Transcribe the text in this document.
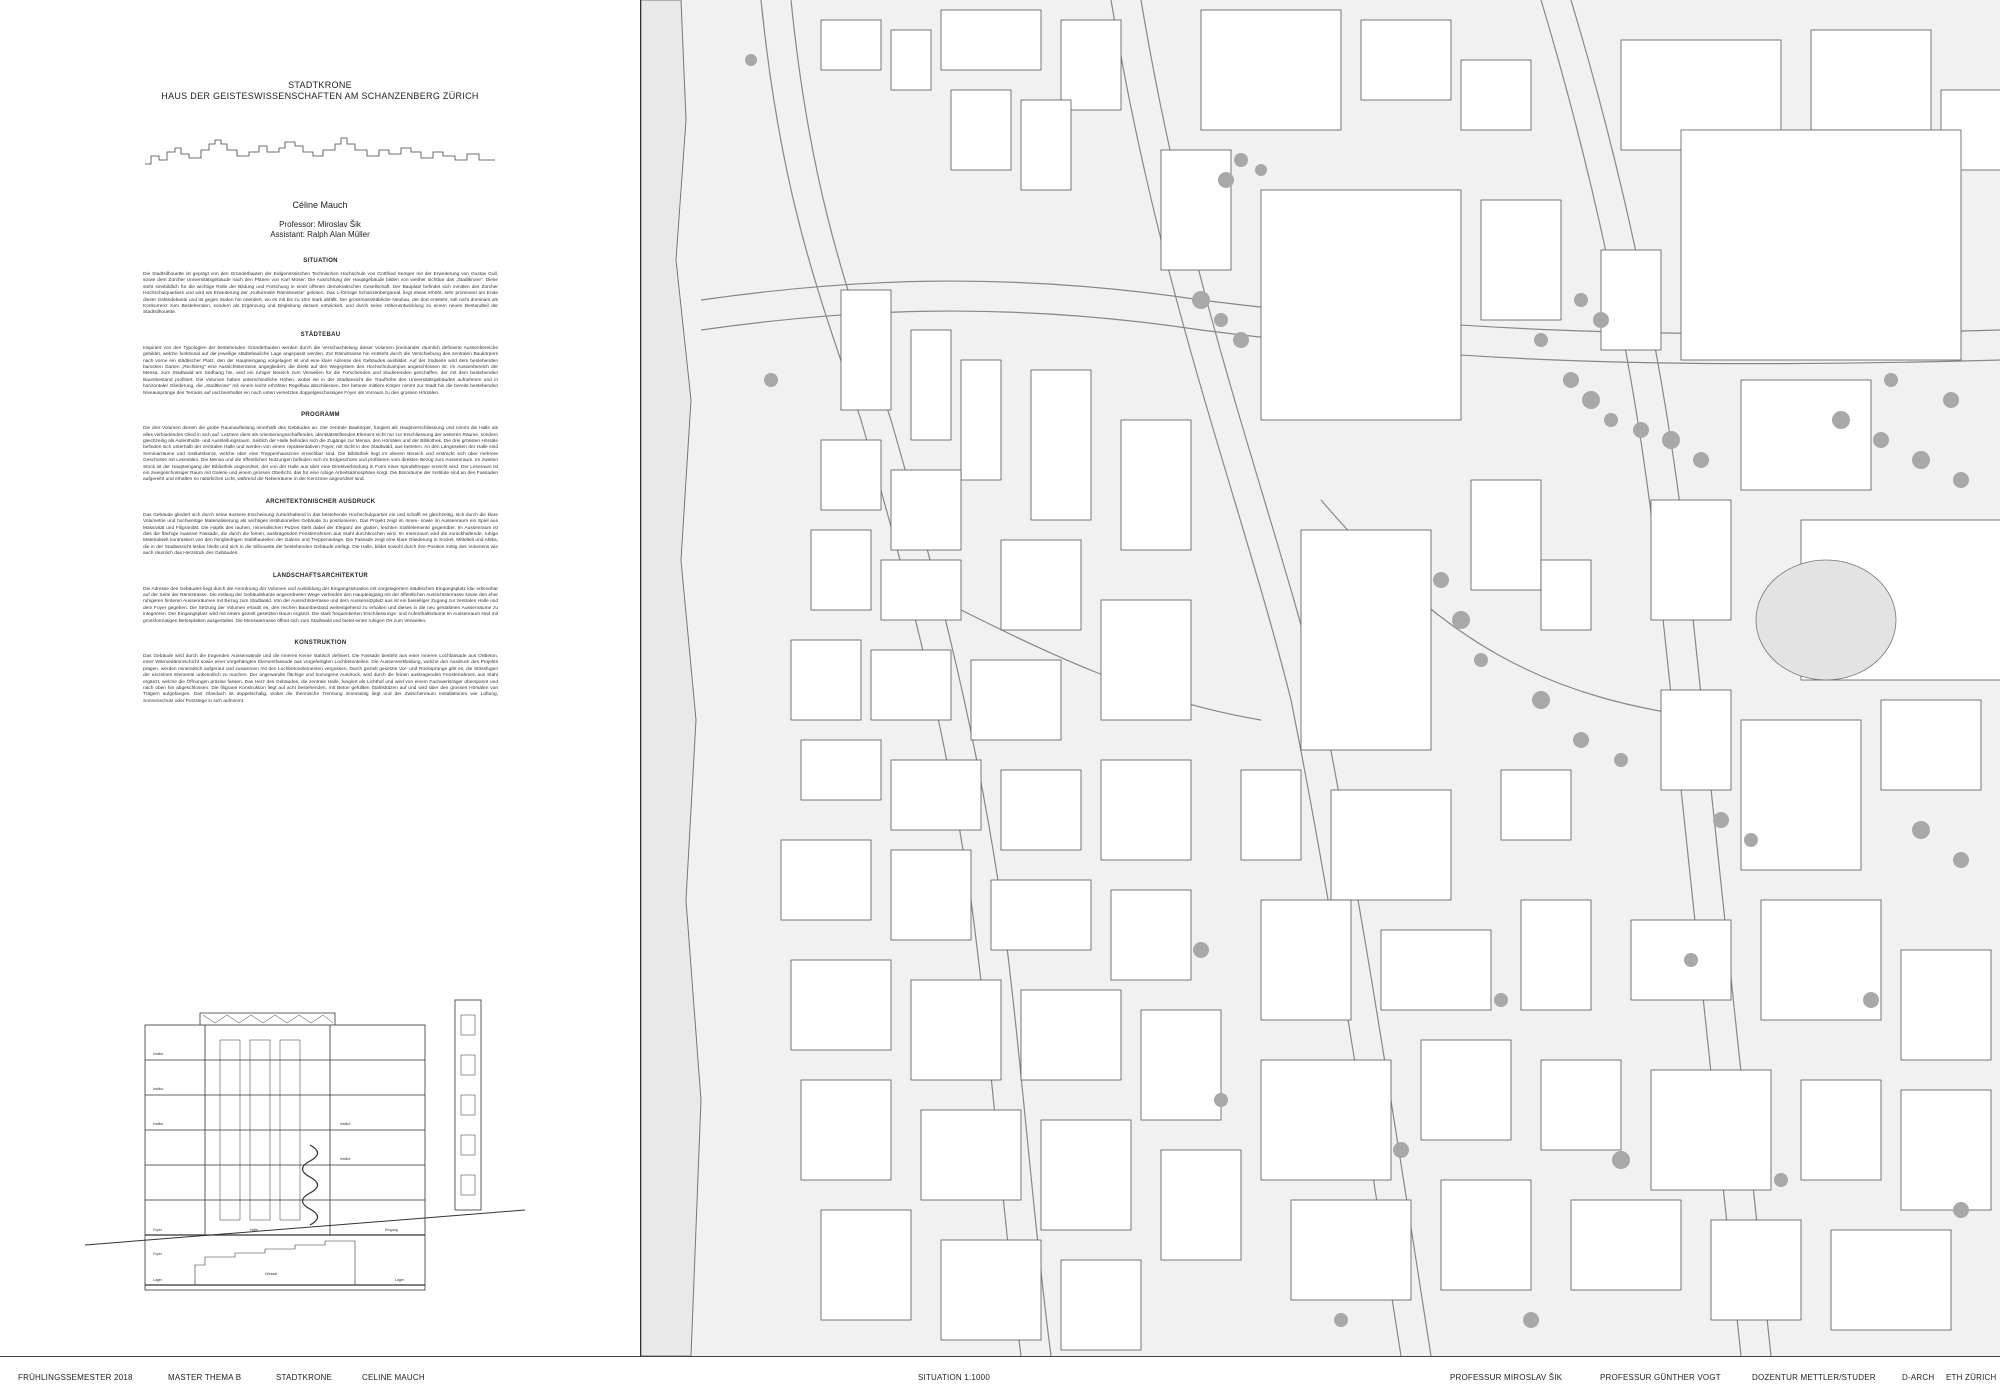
STADTKRONE
HAUS DER GEISTESWISSENSCHAFTEN AM SCHANZENBERG ZÜRICH
Céline Mauch
Professor: Miroslav Šik
Assistant: Ralph Alan Müller

SITUATION

Die Stadtsilhouette ist geprägt von den Gründerbauten der Eidgenössischen Technischen Hochschule von Gottfried Semper mit der Erweiterung von Gustav Gull, sowie dem Zürcher Universitätsgebäude nach den Plänen von Karl Moser. Die Ausrichtung der Hauptgebäude bilden von weither sichtbar das „Stadtkrone“. Diese steht sinnbildlich für die wichtige Rolle der Bildung und Forschung in einer offenen demokratischen Gesellschaft. Der Bauplatz befindet sich inmitten des Zürcher Hochschulquartiers und wird als Erweiterung der „Kulturmeile Rämistrasse“ gelesen. Das L-förmige Schanzenbergareal, liegt etwas erhöht, sehr prominent am Ende dieser Geländekante und ist gegen Süden hin orientiert, wo es mit bis zu 10m stark abfällt. Der grossmassstäbliche Neubau, der dort entsteht, soll nicht dominant als Konkurrenz zum Bestehenden, sondern als Ergänzung und Begleitung dessen entwickelt, und durch seine Höhenentwicklung zu einem neuen Bestandteil der Stadtsilhouette.

STÄDTEBAU

Inspiriert von den Typologien der bestehenden Gründerbauten werden durch die Verschachtelung dieser Volumen (ineinander räumlich definierte Aussenbereiche gebildet, welche funktional auf die jeweilige städtebauliche Lage angepasst werden. Zur Rämistrasse hin entsteht durch die Verschiebung des zentralen Baukörpers nach vorne ein städtischer Platz, den der Haupteingang vorgelagert ist und eine klare Adresse des Gebäudes ausbildet. Auf der Südseite wird dem bestehenden barocken Garten „Rechberg“ eine Aussichtsterrasse angegliedert, die direkt auf den Wegsystem des Hochschulcampus angeschlossen ist. Im Aussenbereich der Mensa, zum Stadtwald am Südhang hin, wird ein ruhiger Bereich zum Verweilen für die Forschenden und Studierenden geschaffen, der mit dem bestehenden Baumbestand profitiert. Die Volumen haben unterschiedliche Höhen, wobei sie in der Stadtansicht die Traufhöhe des Universitätsgebäudes aufnehmen und in horizontaler Gliederung, die „Stadtkrone“ mit einem leicht erhöhten Regelbau abschliessen. Der betonte mittlere Körper nimmt zur Stadt hin die bereits bestehenden Niveausprünge des Terrains auf und beinhaltet ein nach unten versetztes doppelgeschossiges Foyer als Vorraum zu den grossen Hörsälen.

PROGRAMM

Die drei Volumen dienen die grobe Raumaufteilung innerhalb des Gebäudes an. Der zentrale Baukörper, fungiert als Hauptverschliessung und nimmt die Halle als alles verbindendes Glied in sich auf. Letztere dient als orientierungsschaffendes, identitätsstiftendes Element nicht nur zur Erschliessung der weiteren Räume, sondern gleichzeitig als Aufenthalts- und Ausstellungsraum. Seitlich der Halle befinden sich die Zugänge zur Mensa, den Hörsälen und der Bibliothek. Die drei grössten Hörsäle befinden sich unterhalb der zentralen Halle und werden von einem repräsentativen Foyer, mit Sicht in den Stadtwald, aus betreten. An den Längsseiten der Halle sind Seminarräume und Institutsbüros, welche über eine Treppenhauszone erreichbar sind. Die Bibliothek liegt im oberen Bereich und erstreckt sich über mehrere Geschosse mit Lesesälen. Die Mensa und die öffentlichen Nutzungen befinden sich im Erdgeschoss und profitieren vom direkten Bezug zum Aussenraum. Im zweiten Stock ist der Haupteingang der Bibliothek angeordnet, der von der Halle aus über eine Direktverbindung in Form einer Spindeltreppe erreicht wird. Der Leseraum ist ein zweigeschossiger Raum mit Galerie und einem grossen Oberlicht, das für eine ruhige Arbeitsatmosphäre sorgt. Die Büroräume der Institute sind an den Fassaden aufgereiht und erhalten so natürliches Licht, während die Nebenräume in der Kernzone angeordnet sind.

ARCHITEKTONISCHER AUSDRUCK

Das Gebäude gliedert sich durch seine äussere Erscheinung zurückhaltend in das bestehende Hochschulquartier ein und schafft es gleichzeitig, sich durch die klare Volumetrie und hochwertige Materialisierung als wichtiges institutionelles Gebäude zu positionieren. Das Projekt zeigt im Innen- sowie im Aussenraum ein Spiel aus Massivität und Filigranität. Die Haptik des rauhen, mineralischen Putzes steht dabei der Eleganz der glatten, leichten Stahlelemente gegenüber. Im Aussenraum ist dies die flächige massive Fassade, die durch die feinen, auskragenden Fensterrahmen aus Stahl durchbrochen wird. Im Innenraum wird die zurückhaltende, ruhige Materialwelt kontrastiert von den feingliedrigen Stahlbauteilen der Galerie und Treppenanlage. Die Fassade zeigt eine klare Gliederung in Sockel, Mittelteil und Attika, die in der Stadtansicht lesbar bleibt und sich in die Silhouette der bestehenden Gebäude einfügt. Die Halle, bildet sowohl durch ihre Position mittig des Volumens wie auch räumlich das Herzstück des Gebäudes.

LANDSCHAFTSARCHITEKTUR

Die Adresse des Gebäudes liegt durch die Anordnung der Volumen und Ausbildung der Eingangssituation mit vorgelagertem städtischen Eingangsplatz klar erkennbar auf der Seite der Rämistrasse. Die entlang der Gebäudekante angeordneten Wege verbinden den Haupteingang mit der öffentlichen Aussichtsterrasse sowie den eher ruhigeren hinteren Aussenräumen mit Bezug zum Stadtwald. Von der Aussichtsterrasse und dem Aussensitzplatz aus ist ein beiseitiger Zugang zur zentralen Halle und dem Foyer gegeben. Die Setzung der Volumen erlaubt es, den reichen Baumbestand weitestgehend zu erhalten und dieses in die neu gestalteten Aussenräume zu integrieren. Der Eingangsplatz wird mit einem gezielt gesetzten Baum ergänzt. Die stark frequentierten Erschliessungs- und Aufenthaltsräume im Aussenraum sind mit grossformatigen Betonplatten ausgestaltet. Die Mensaterrasse öffnet sich zum Stadtwald und bietet einen ruhigen Ort zum Verweilen.

KONSTRUKTION

Das Gebäude wird durch die tragenden Aussenwände und die inneren Kerne statisch definiert. Die Fassade besteht aus einer inneren Lochfassade aus Ortbeton, einer Wärmedämmschicht sowie einer vorgehängten Elementfassade aus vorgefertigten Lochbetonteilen. Die Aussenverkleidung, welche den Ausdruck des Projekts prägen, werden mineralisch aufgeraut und zusammen mit den Lochbetonelementen vergossen. Durch gezielt gesetzte Vor- und Rücksprünge gibt es, die Stössfugen der einzelnen Elemente unkenntlich zu machen. Der angewandte flächige und homogene Ausdruck, wird durch die feinen auskragenden Fensterrahmen aus Stahl ergänzt, welche die Öffnungen präzise fassen. Das Herz des Gebäudes, die zentrale Halle, fungiert als Lichthof und wird von einem Fachwerkträger überspannt und nach oben hin abgeschlossen. Die filigrane Konstruktion liegt auf acht bestehenden, mit Beton gefüllten Stahlstützen auf und wird über den grossen Hörsälen von Trägern aufgefangen. Das Glasdach ist doppelschalig, wobei die thermische Trennung innenseitig liegt und der Zwischenraum Installationen wie Lüftung, Sonnenschutz oder Putzstege in sich aufnimmt.

Institut
Institut
Institut	Institut
Institut
Foyer	Halle	Eingang
Foyer
Lager
Hörsaal
Lager
FRÜHLINGSSEMESTER 2018	MASTER THEMA B	STADTKRONE	CELINE MAUCH	SITUATION 1:1000	PROFESSUR MIROSLAV ŠIK	PROFESSUR GÜNTHER VOGT	DOZENTUR METTLER/STUDER	D-ARCH ETH ZÜRICH
